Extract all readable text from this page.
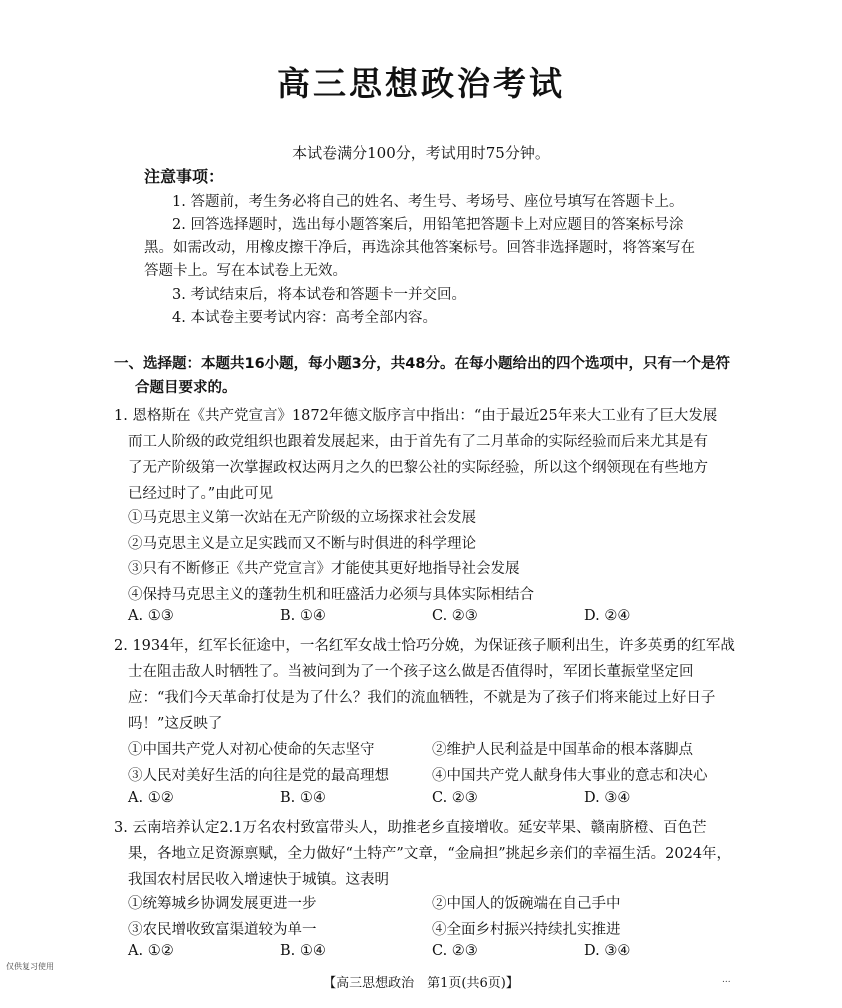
高三思想政治考试
本试卷满分100分，考试用时75分钟。
注意事项：
1. 答题前，考生务必将自己的姓名、考生号、考场号、座位号填写在答题卡上。
2. 回答选择题时，选出每小题答案后，用铅笔把答题卡上对应题目的答案标号涂
黑。如需改动，用橡皮擦干净后，再选涂其他答案标号。回答非选择题时，将答案写在
答题卡上。写在本试卷上无效。
3. 考试结束后，将本试卷和答题卡一并交回。
4. 本试卷主要考试内容：高考全部内容。
一、选择题：本题共16小题，每小题3分，共48分。在每小题给出的四个选项中，只有一个是符
合题目要求的。
1. 恩格斯在《共产党宣言》1872年德文版序言中指出：“由于最近25年来大工业有了巨大发展
而工人阶级的政党组织也跟着发展起来，由于首先有了二月革命的实际经验而后来尤其是有
了无产阶级第一次掌握政权达两月之久的巴黎公社的实际经验，所以这个纲领现在有些地方
已经过时了。”由此可见
①马克思主义第一次站在无产阶级的立场探求社会发展
②马克思主义是立足实践而又不断与时俱进的科学理论
③只有不断修正《共产党宣言》才能使其更好地指导社会发展
④保持马克思主义的蓬勃生机和旺盛活力必须与具体实际相结合
A. ①③	B. ①④	C. ②③	D. ②④
2. 1934年，红军长征途中，一名红军女战士恰巧分娩，为保证孩子顺利出生，许多英勇的红军战
士在阻击敌人时牺牲了。当被问到为了一个孩子这么做是否值得时，军团长董振堂坚定回
应：“我们今天革命打仗是为了什么？我们的流血牺牲，不就是为了孩子们将来能过上好日子
吗！”这反映了
①中国共产党人对初心使命的矢志坚守	②维护人民利益是中国革命的根本落脚点
③人民对美好生活的向往是党的最高理想	④中国共产党人献身伟大事业的意志和决心
A. ①②	B. ①④	C. ②③	D. ③④
3. 云南培养认定2.1万名农村致富带头人，助推老乡直接增收。延安苹果、赣南脐橙、百色芒
果，各地立足资源禀赋，全力做好“土特产”文章，“金扁担”挑起乡亲们的幸福生活。2024年，
我国农村居民收入增速快于城镇。这表明
①统筹城乡协调发展更进一步	②中国人的饭碗端在自己手中
③农民增收致富渠道较为单一	④全面乡村振兴持续扎实推进
A. ①②	B. ①④	C. ②③	D. ③④
仅供复习使用
【高三思想政治　第1页(共6页)】	...
